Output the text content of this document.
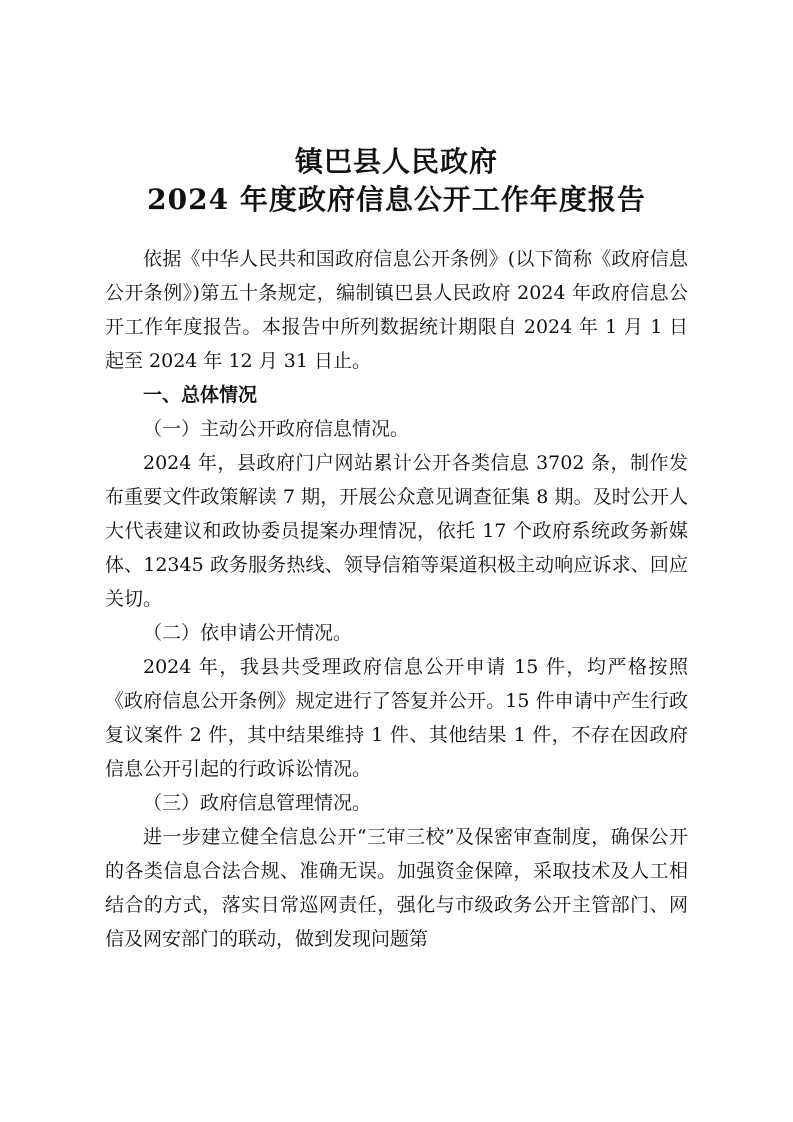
镇巴县人民政府
2024 年度政府信息公开工作年度报告

依据《中华人民共和国政府信息公开条例》(以下简称《政府信息公开条例》)第五十条规定，编制镇巴县人民政府 2024 年政府信息公开工作年度报告。本报告中所列数据统计期限自 2024 年 1 月 1 日起至 2024 年 12 月 31 日止。

一、总体情况

（一）主动公开政府信息情况。

2024 年，县政府门户网站累计公开各类信息 3702 条，制作发布重要文件政策解读 7 期，开展公众意见调查征集 8 期。及时公开人大代表建议和政协委员提案办理情况，依托 17 个政府系统政务新媒体、12345 政务服务热线、领导信箱等渠道积极主动响应诉求、回应关切。

（二）依申请公开情况。

2024 年，我县共受理政府信息公开申请 15 件，均严格按照《政府信息公开条例》规定进行了答复并公开。15 件申请中产生行政复议案件 2 件，其中结果维持 1 件、其他结果 1 件，不存在因政府信息公开引起的行政诉讼情况。

（三）政府信息管理情况。

进一步建立健全信息公开“三审三校”及保密审查制度，确保公开的各类信息合法合规、准确无误。加强资金保障，采取技术及人工相结合的方式，落实日常巡网责任，强化与市级政务公开主管部门、网信及网安部门的联动，做到发现问题第
